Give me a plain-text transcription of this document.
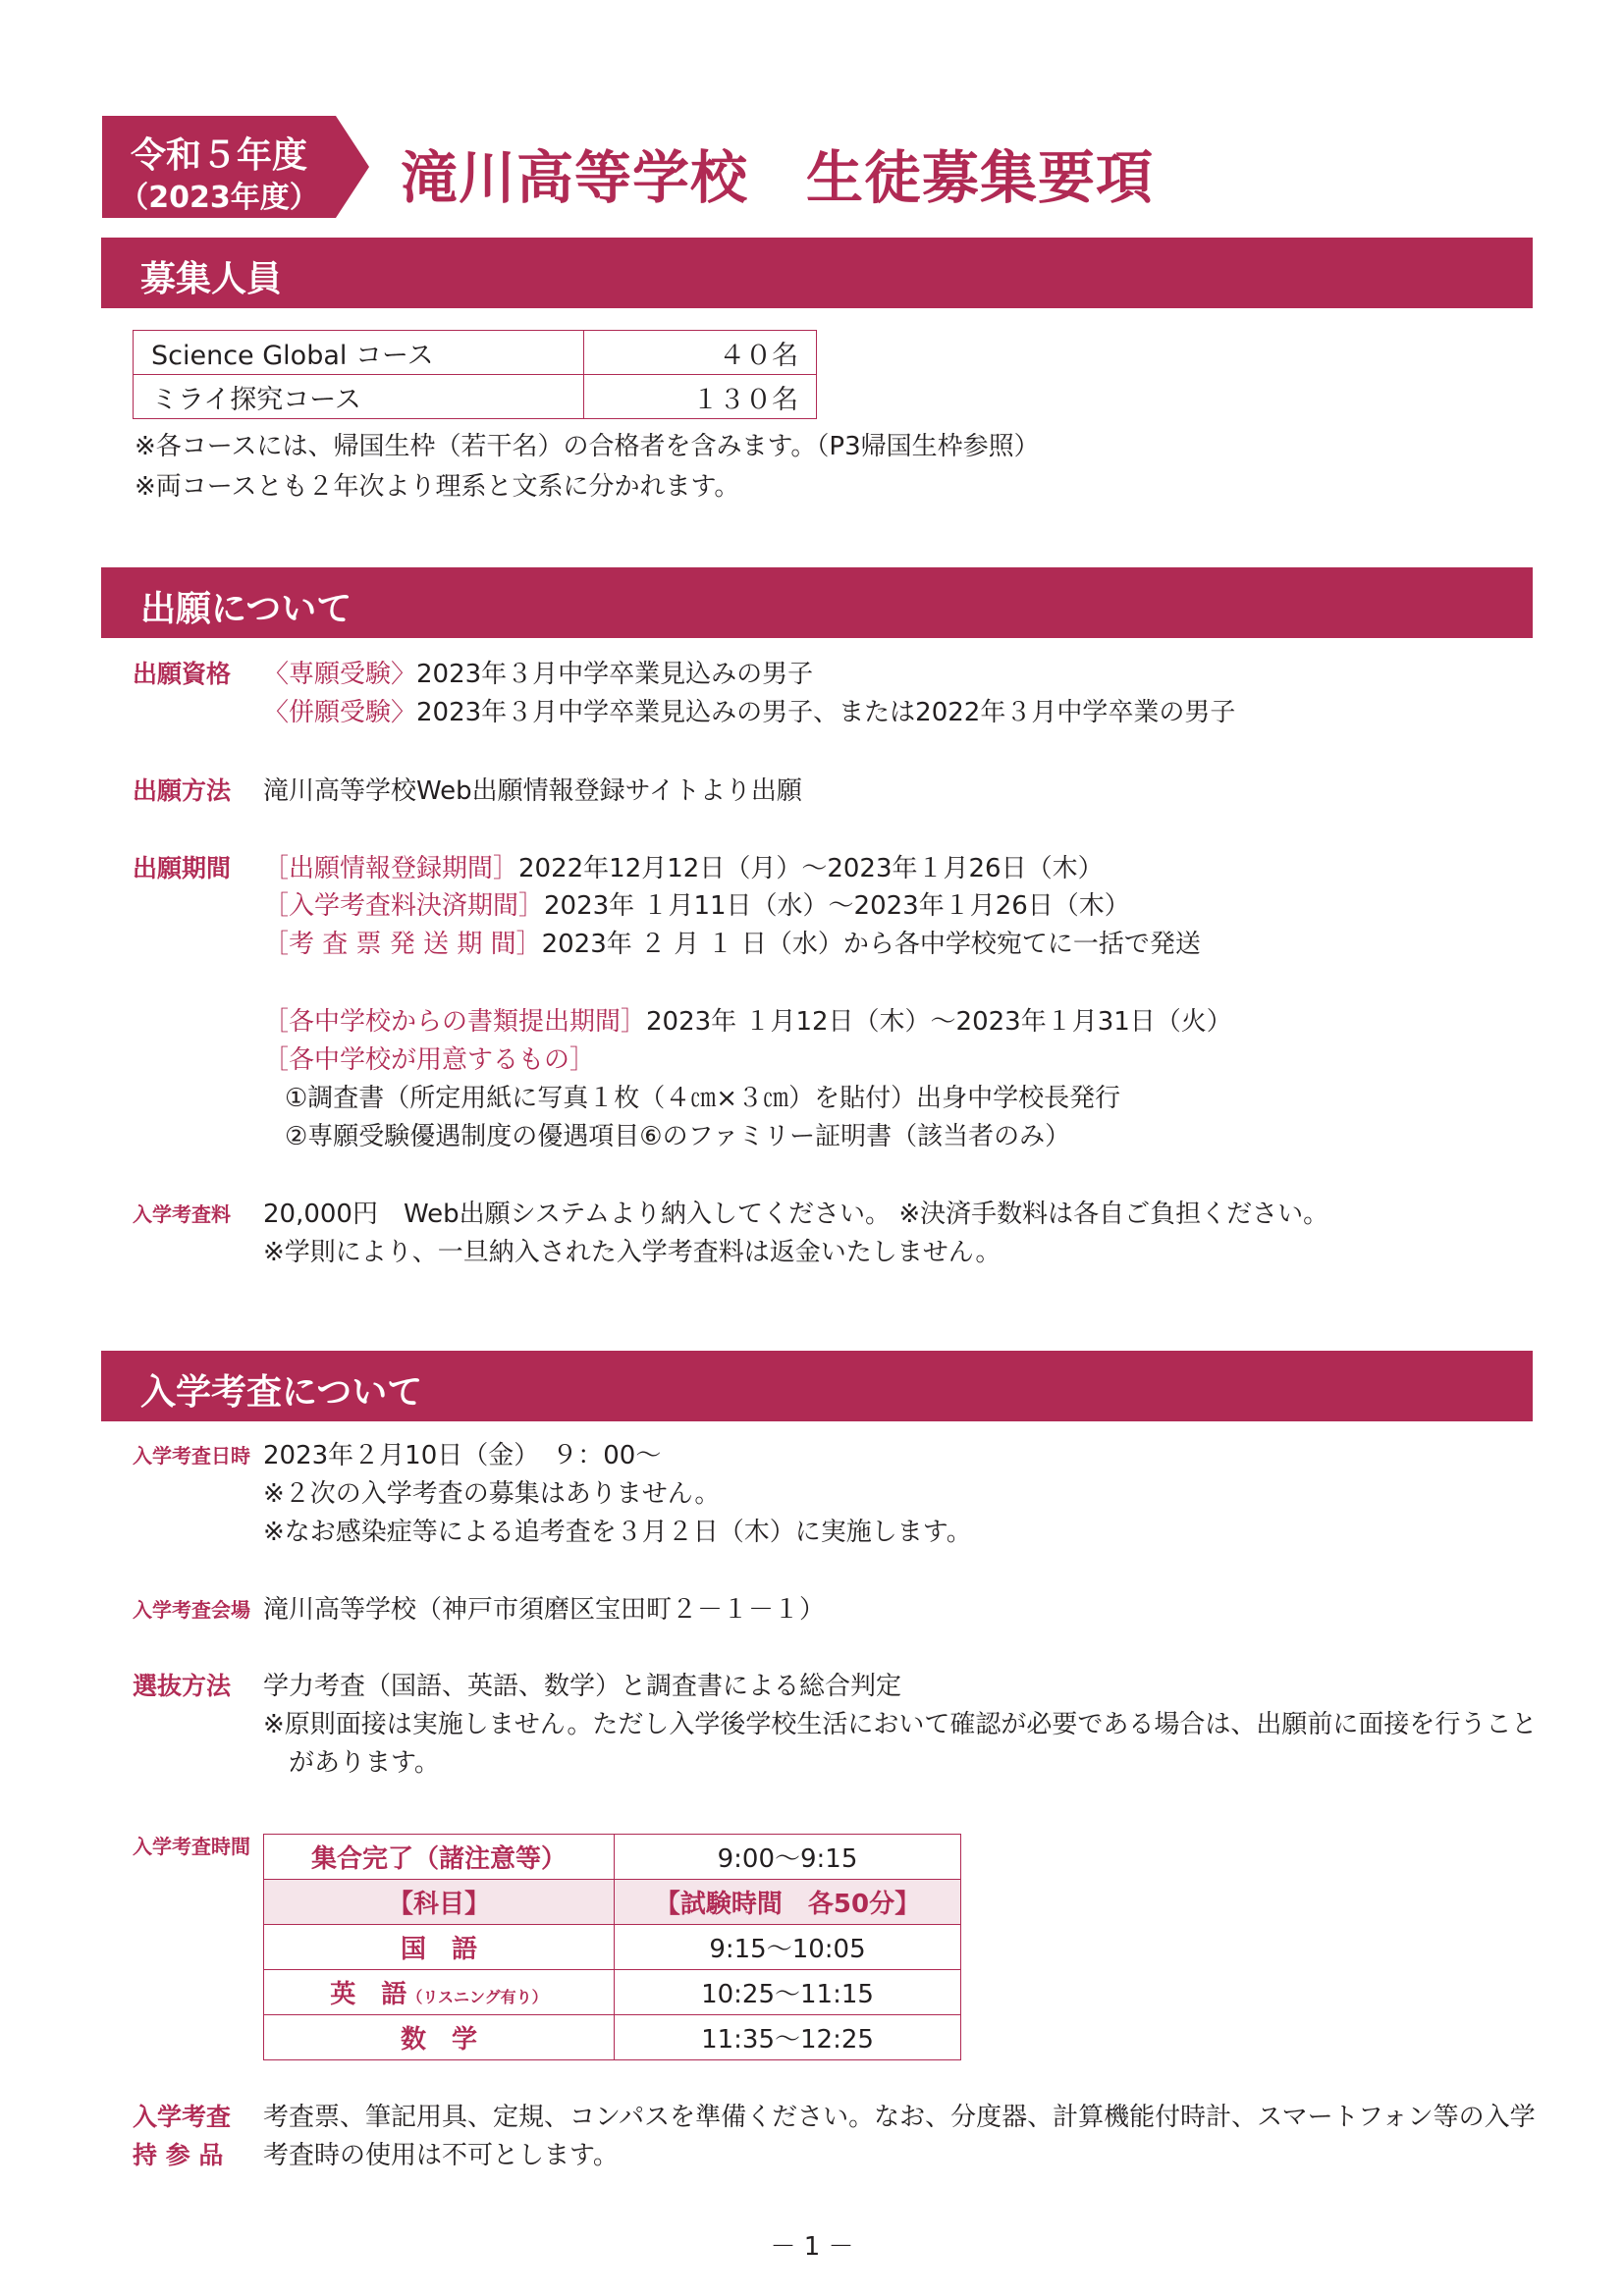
令和５年度
（2023年度） 滝川高等学校　生徒募集要項
募集人員
Science Global コース	４０名
ミライ探究コース	１３０名
※各コースには、帰国生枠（若干名）の合格者を含みます。（P3帰国生枠参照）
※両コースとも２年次より理系と文系に分かれます。
出願について
出願資格 〈専願受験〉2023年３月中学卒業見込みの男子
〈併願受験〉2023年３月中学卒業見込みの男子、または2022年３月中学卒業の男子
出願方法 滝川高等学校Web出願情報登録サイトより出願
出願期間 ［出願情報登録期間］2022年12月12日（月）～2023年１月26日（木）
［入学考査料決済期間］2023年 １月11日（水）～2023年１月26日（木）
［考 査 票 発 送 期 間］2023年 ２ 月 １ 日（水）から各中学校宛てに一括で発送
［各中学校からの書類提出期間］2023年 １月12日（木）～2023年１月31日（火）
［各中学校が用意するもの］
①調査書（所定用紙に写真１枚（４㎝×３㎝）を貼付）出身中学校長発行
②専願受験優遇制度の優遇項目⑥のファミリー証明書（該当者のみ）
入学考査料 20,000円　Web出願システムより納入してください。 ※決済手数料は各自ご負担ください。
※学則により、一旦納入された入学考査料は返金いたしません。
入学考査について
入学考査日時 2023年２月10日（金）　９：00～
※２次の入学考査の募集はありません。
※なお感染症等による追考査を３月２日（木）に実施します。
入学考査会場 滝川高等学校（神戸市須磨区宝田町２－１－１）
選抜方法 学力考査（国語、英語、数学）と調査書による総合判定
※原則面接は実施しません。ただし入学後学校生活において確認が必要である場合は、出願前に面接を行うこと
があります。
入学考査時間 集合完了（諸注意等）	9:00～9:15
【科目】	【試験時間　各50分】
国　語	9:15～10:05
英　語（リスニング有り）	10:25～11:15
数　学	11:35～12:25
入学考査
持 参 品
考査票、筆記用具、定規、コンパスを準備ください。なお、分度器、計算機能付時計、スマートフォン等の入学
考査時の使用は不可とします。
－ 1 －
